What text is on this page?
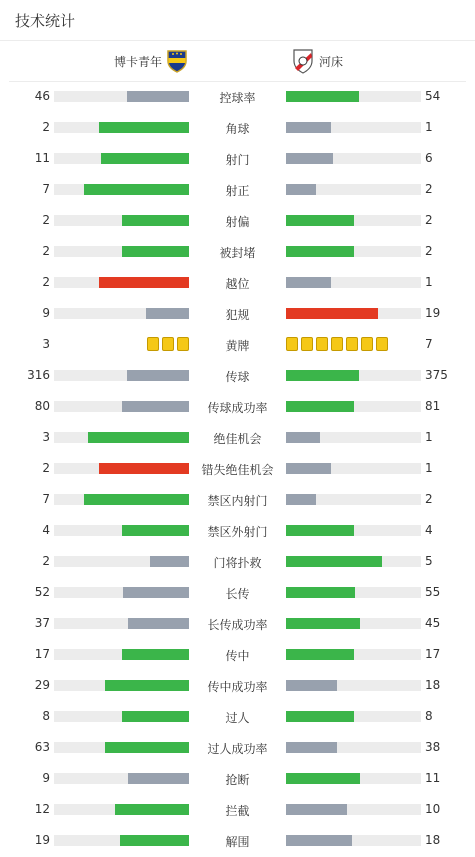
技术统计
博卡青年	河床
46	控球率	54
2	角球	1
11	射门	6
7	射正	2
2	射偏	2
2	被封堵	2
2	越位	1
9	犯规	19
3	黄牌	7
316	传球	375
80	传球成功率	81
3	绝佳机会	1
2	错失绝佳机会	1
7	禁区内射门	2
4	禁区外射门	4
2	门将扑救	5
52	长传	55
37	长传成功率	45
17	传中	17
29	传中成功率	18
8	过人	8
63	过人成功率	38
9	抢断	11
12	拦截	10
19	解围	18
